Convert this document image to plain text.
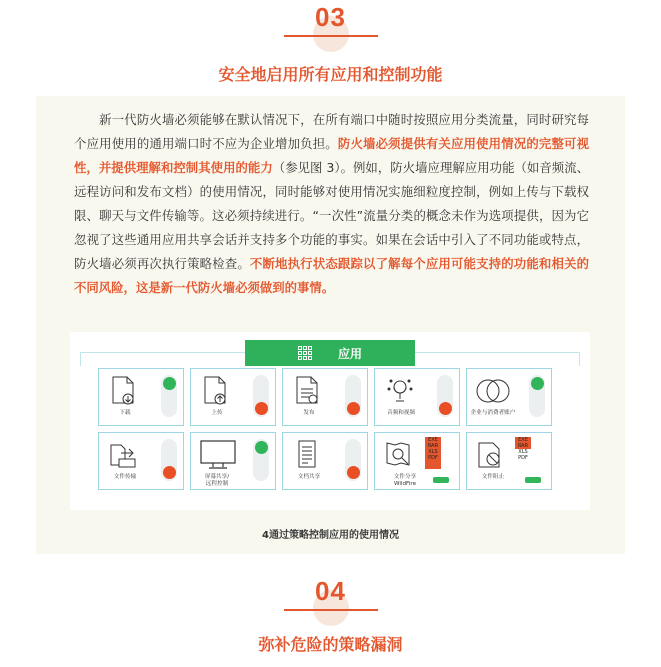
03
安全地启用所有应用和控制功能

新一代防火墙必须能够在默认情况下，在所有端口中随时按照应用分类流量，同时研究每个应用使用的通用端口时不应为企业增加负担。防火墙必须提供有关应用使用情况的完整可视性，并提供理解和控制其使用的能力（参见图 3）。例如，防火墙应理解应用功能（如音频流、远程访问和发布文档）的使用情况，同时能够对使用情况实施细粒度控制，例如上传与下载权限、聊天与文件传输等。这必须持续进行。“一次性”流量分类的概念未作为选项提供，因为它忽视了这些通用应用共享会话并支持多个功能的事实。如果在会话中引入了不同功能或特点，防火墙必须再次执行策略检查。不断地执行状态跟踪以了解每个应用可能支持的功能和相关的不同风险，这是新一代防火墙必须做到的事情。

应用
下载	上传	发布	音频和视频	企业与消费者账户
文件传输	屏幕共享/
远程控制
文档共享
EXE
RAR
XLS
PDF
文件分享
WildFire
EXE
RAR
XLS
PDF
文件阻止
4通过策略控制应用的使用情况
04
弥补危险的策略漏洞
